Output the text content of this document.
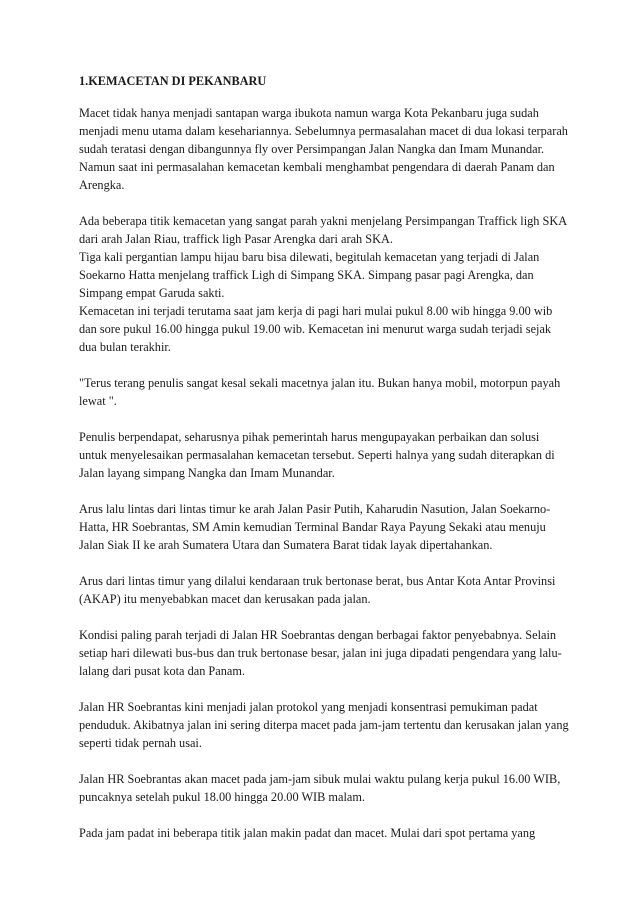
1.KEMACETAN DI PEKANBARU

Macet tidak hanya menjadi santapan warga ibukota namun warga Kota Pekanbaru juga sudah menjadi menu utama dalam kesehariannya. Sebelumnya permasalahan macet di dua lokasi terparah sudah teratasi dengan dibangunnya fly over Persimpangan Jalan Nangka dan Imam Munandar. Namun saat ini permasalahan kemacetan kembali menghambat pengendara di daerah Panam dan Arengka.

Ada beberapa titik kemacetan yang sangat parah yakni menjelang Persimpangan Traffick ligh SKA dari arah Jalan Riau, traffick ligh Pasar Arengka dari arah SKA.

Tiga kali pergantian lampu hijau baru bisa dilewati, begitulah kemacetan yang terjadi di Jalan Soekarno Hatta menjelang traffick Ligh di Simpang SKA. Simpang pasar pagi Arengka, dan Simpang empat Garuda sakti.

Kemacetan ini terjadi terutama saat jam kerja di pagi hari mulai pukul 8.00 wib hingga 9.00 wib dan sore pukul 16.00 hingga pukul 19.00 wib. Kemacetan ini menurut warga sudah terjadi sejak dua bulan terakhir.

"Terus terang penulis sangat kesal sekali macetnya jalan itu. Bukan hanya mobil, motorpun payah lewat ".

Penulis berpendapat, seharusnya pihak pemerintah harus mengupayakan perbaikan dan solusi untuk menyelesaikan permasalahan kemacetan tersebut. Seperti halnya yang sudah diterapkan di Jalan layang simpang Nangka dan Imam Munandar.

Arus lalu lintas dari lintas timur ke arah Jalan Pasir Putih, Kaharudin Nasution, Jalan Soekarno-Hatta, HR Soebrantas, SM Amin kemudian Terminal Bandar Raya Payung Sekaki atau menuju Jalan Siak II ke arah Sumatera Utara dan Sumatera Barat tidak layak dipertahankan.

Arus dari lintas timur yang dilalui kendaraan truk bertonase berat, bus Antar Kota Antar Provinsi (AKAP) itu menyebabkan macet dan kerusakan pada jalan.

Kondisi paling parah terjadi di Jalan HR Soebrantas dengan berbagai faktor penyebabnya. Selain setiap hari dilewati bus-bus dan truk bertonase besar, jalan ini juga dipadati pengendara yang lalu-lalang dari pusat kota dan Panam.

Jalan HR Soebrantas kini menjadi jalan protokol yang menjadi konsentrasi pemukiman padat penduduk. Akibatnya jalan ini sering diterpa macet pada jam-jam tertentu dan kerusakan jalan yang seperti tidak pernah usai.

Jalan HR Soebrantas akan macet pada jam-jam sibuk mulai waktu pulang kerja pukul 16.00 WIB, puncaknya setelah pukul 18.00 hingga 20.00 WIB malam.

Pada jam padat ini beberapa titik jalan makin padat dan macet. Mulai dari spot pertama yang
